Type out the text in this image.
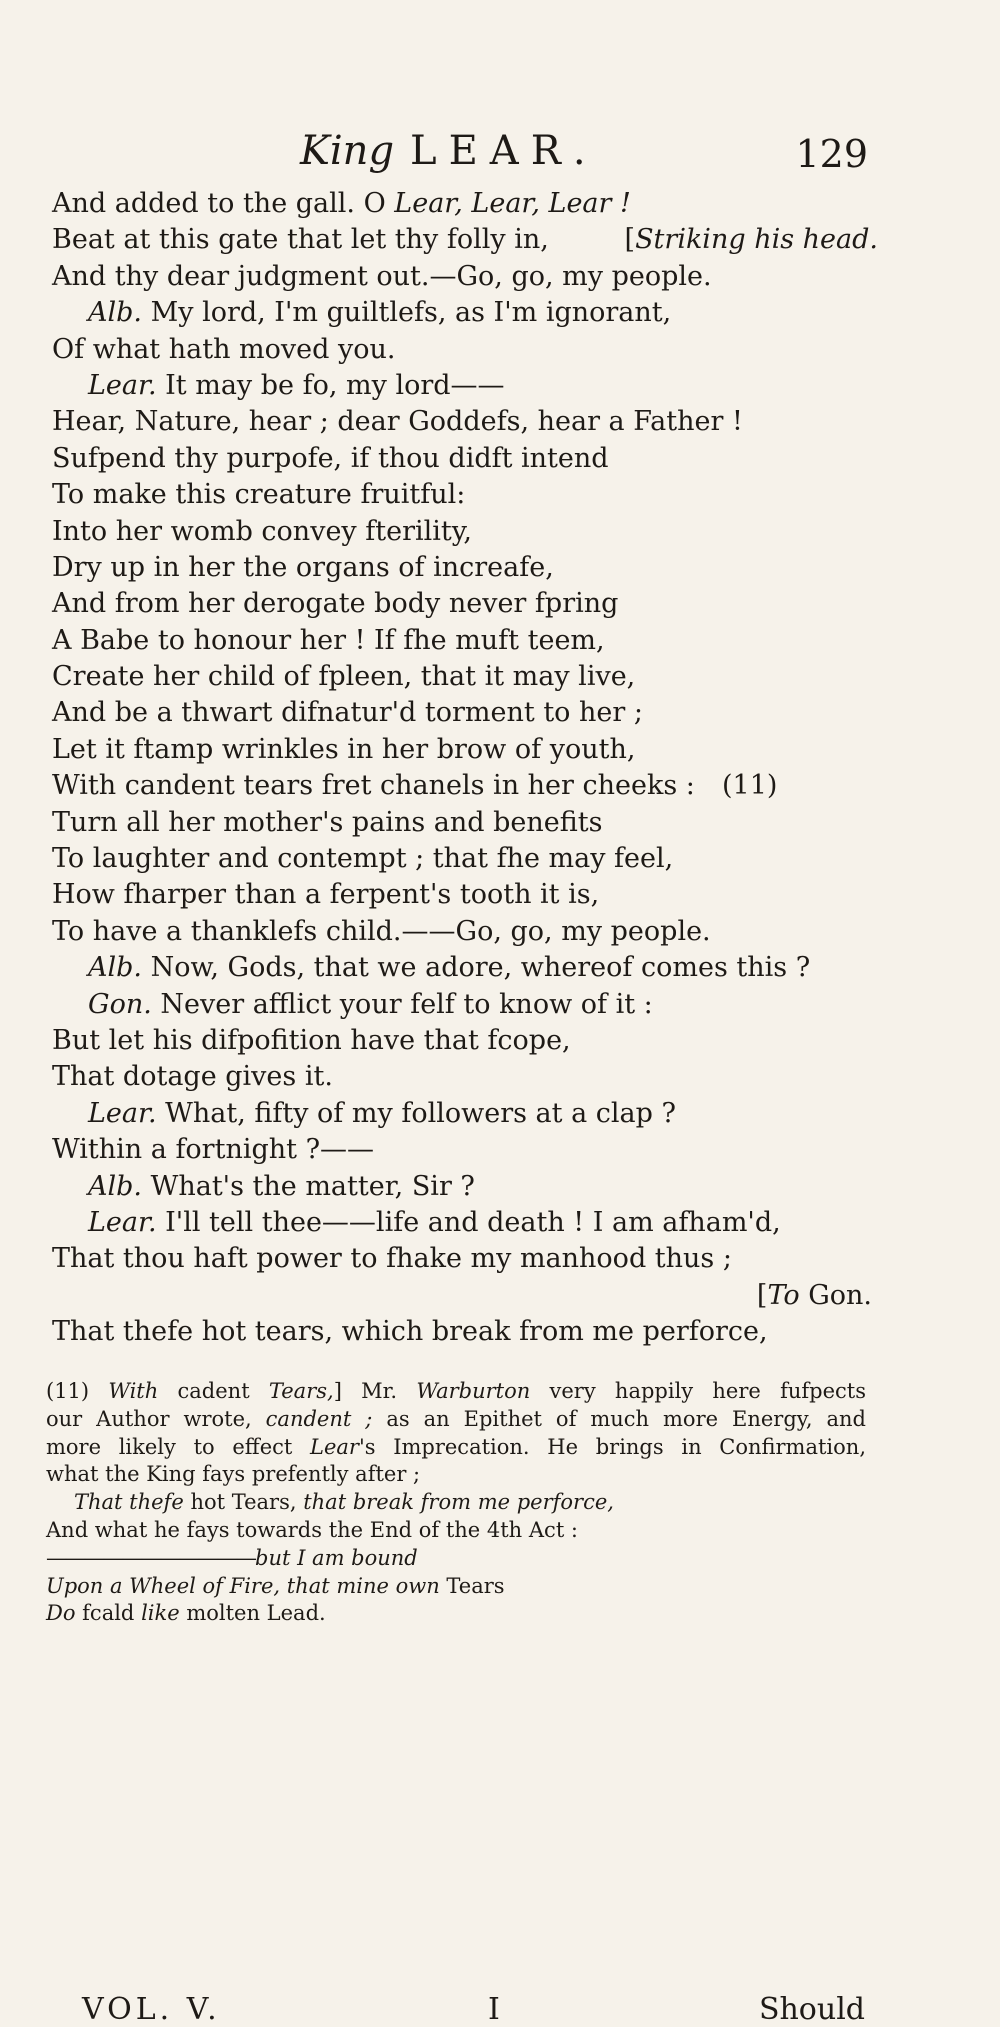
King LEAR.	129
And added to the gall. O Lear, Lear, Lear !
Beat at this gate that let thy folly in,	[Striking his head.
And thy dear judgment out.—Go, go, my people.
Alb. My lord, I'm guiltlefs, as I'm ignorant,
Of what hath moved you.
Lear. It may be fo, my lord——
Hear, Nature, hear ; dear Goddefs, hear a Father !
Sufpend thy purpofe, if thou didft intend
To make this creature fruitful:
Into her womb convey fterility,
Dry up in her the organs of increafe,
And from her derogate body never fpring
A Babe to honour her ! If fhe muft teem,
Create her child of fpleen, that it may live,
And be a thwart difnatur'd torment to her ;
Let it ftamp wrinkles in her brow of youth,
With candent tears fret chanels in her cheeks : (11)
Turn all her mother's pains and benefits
To laughter and contempt ; that fhe may feel,
How fharper than a ferpent's tooth it is,
To have a thanklefs child.——Go, go, my people.
Alb. Now, Gods, that we adore, whereof comes this ?
Gon. Never afflict your felf to know of it :
But let his difpofition have that fcope,
That dotage gives it.
Lear. What, fifty of my followers at a clap ?
Within a fortnight ?——
Alb. What's the matter, Sir ?
Lear. I'll tell thee——life and death ! I am afham'd,
That thou haft power to fhake my manhood thus ;
[To Gon.
That thefe hot tears, which break from me perforce,
(11) With cadent Tears,] Mr. Warburton very happily here fufpects
our Author wrote, candent ; as an Epithet of much more Energy, and
more likely to effect Lear's Imprecation. He brings in Confirmation,
what the King fays prefently after ;
That thefe hot Tears, that break from me perforce,
And what he fays towards the End of the 4th Act :
———————————but I am bound
Upon a Wheel of Fire, that mine own Tears
Do fcald like molten Lead.
VOL. V.	I	Should
